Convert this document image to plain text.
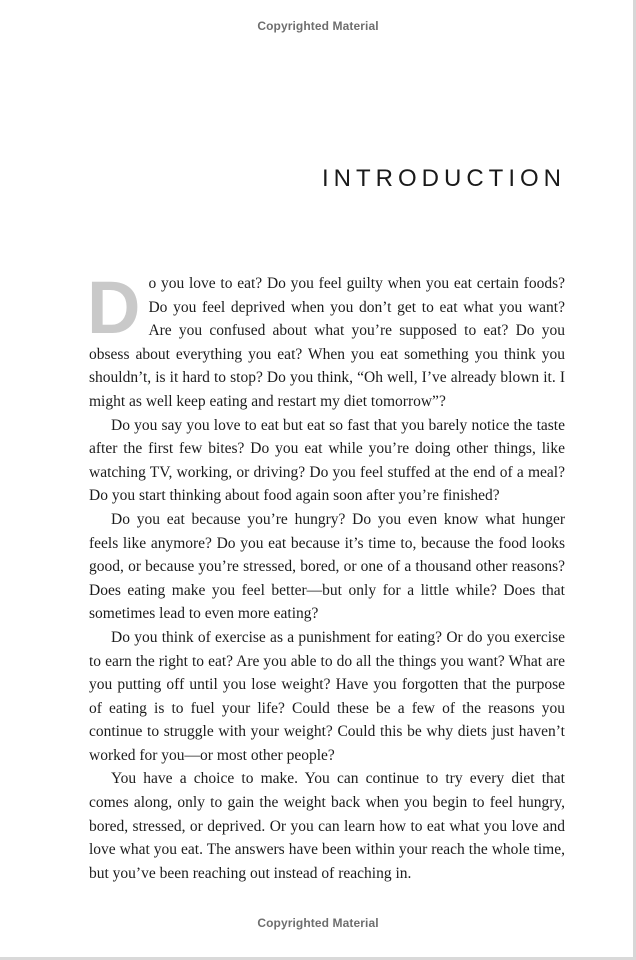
Copyrighted Material
INTRODUCTION

Do you love to eat? Do you feel guilty when you eat certain foods? Do you feel deprived when you don’t get to eat what you want? Are you confused about what you’re supposed to eat? Do you obsess about everything you eat? When you eat something you think you shouldn’t, is it hard to stop? Do you think, “Oh well, I’ve already blown it. I might as well keep eating and restart my diet tomorrow”?

Do you say you love to eat but eat so fast that you barely notice the taste after the first few bites? Do you eat while you’re doing other things, like watching TV, working, or driving? Do you feel stuffed at the end of a meal? Do you start thinking about food again soon after you’re finished?

Do you eat because you’re hungry? Do you even know what hunger feels like anymore? Do you eat because it’s time to, because the food looks good, or because you’re stressed, bored, or one of a thousand other reasons? Does eating make you feel better—but only for a little while? Does that sometimes lead to even more eating?

Do you think of exercise as a punishment for eating? Or do you exercise to earn the right to eat? Are you able to do all the things you want? What are you putting off until you lose weight? Have you forgotten that the purpose of eating is to fuel your life? Could these be a few of the reasons you continue to struggle with your weight? Could this be why diets just haven’t worked for you—or most other people?

You have a choice to make. You can continue to try every diet that comes along, only to gain the weight back when you begin to feel hungry, bored, stressed, or deprived. Or you can learn how to eat what you love and love what you eat. The answers have been within your reach the whole time, but you’ve been reaching out instead of reaching in.

Copyrighted Material
